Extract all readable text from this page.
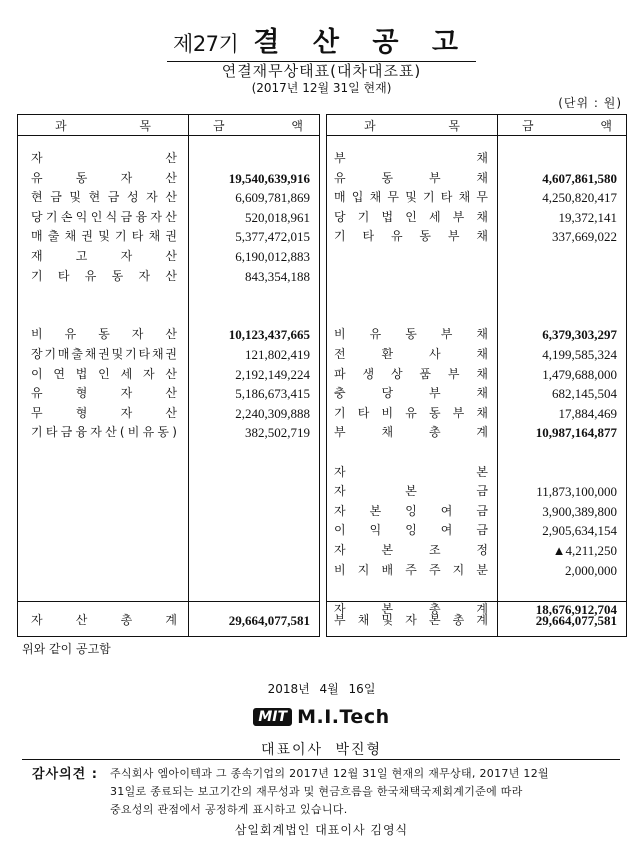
제27기 결 산 공 고
연결재무상태표(대차대조표)
(2017년 12월 31일 현재)
(단위 : 원)
과	목	금	액
자	산
유	동	자	산	19,540,639,916
현 금 및 현 금 성 자 산	6,609,781,869
당 기 손 익 인 식 금 융 자 산	520,018,961
매 출 채 권 및 기 타 채 권	5,377,472,015
재	고	자	산	6,190,012,883
기 타 유 동 자 산	843,354,188
비 유 동 자 산	10,123,437,665
장 기 매 출 채 권 및 기 타 채 권	121,802,419
이 연 법 인 세 자 산	2,192,149,224
유	형	자	산	5,186,673,415
무	형	자	산	2,240,309,888
기 타 금 융 자 산 ( 비 유 동 )	382,502,719
자	산	총	계	29,664,077,581
과	목	금	액
부	채
유	동	부	채	4,607,861,580
매 입 채 무 및 기 타 채 무	4,250,820,417
당 기 법 인 세 부 채	19,372,141
기 타 유 동 부 채	337,669,022
비 유 동 부 채	6,379,303,297
전	환	사	채	4,199,585,324
파 생 상 품 부 채	1,479,688,000
충	당	부	채	682,145,504
기 타 비 유 동 부 채	17,884,469
부	채	총	계	10,987,164,877
자	본
자	본	금	11,873,100,000
자 본 잉 여 금	3,900,389,800
이 익 잉 여 금	2,905,634,154
자	본	조	정	▲4,211,250
비 지 배 주 주 지 분	2,000,000
자	본	총	계	18,676,912,704
부 채 및 자 본 총 계	29,664,077,581
위와 같이 공고함
2018년 4월 16일
MIT M.I.Tech
대표이사 박진형
감사의견 : 주식회사 엠아이텍과 그 종속기업의 2017년 12월 31일 현재의 재무상태, 2017년 12월
31일로 종료되는 보고기간의 재무성과 및 현금흐름을 한국채택국제회계기준에 따라
중요성의 관점에서 공정하게 표시하고 있습니다.
삼일회계법인 대표이사 김영식
